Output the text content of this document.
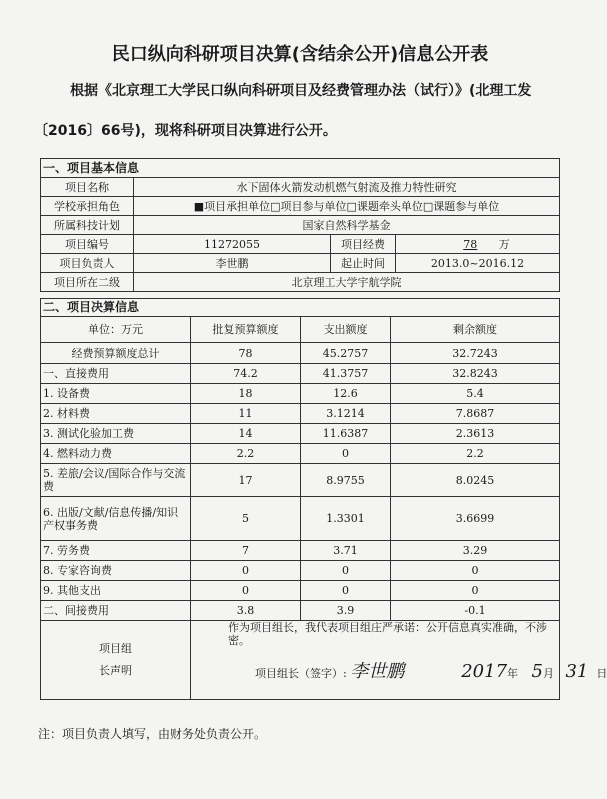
民口纵向科研项目决算(含结余公开)信息公开表
根据《北京理工大学民口纵向科研项目及经费管理办法（试行）》(北理工发
〔2016〕66号)，现将科研项目决算进行公开。
一、项目基本信息			
项目名称	水下固体火箭发动机燃气射流及推力特性研究		
学校承担角色	■项目承担单位□项目参与单位□课题牵头单位□课题参与单位		
所属科技计划	国家自然科学基金		
项目编号	11272055	项目经费	78 万
项目负责人	李世鹏	起止时间	2013.0~2016.12
项目所在二级	北京理工大学宇航学院		
二、项目决算信息			
单位：万元	批复预算额度	支出额度	剩余额度
经费预算额度总计	78	45.2757	32.7243
一、直接费用	74.2	41.3757	32.8243
1. 设备费	18	12.6	5.4
2. 材料费	11	3.1214	7.8687
3. 测试化验加工费	14	11.6387	2.3613
4. 燃料动力费	2.2	0	2.2
5. 差旅/会议/国际合作与交流费	17	8.9755	8.0245
6. 出版/文献/信息传播/知识产权事务费	5	1.3301	3.6699
7. 劳务费	7	3.71	3.29
8. 专家咨询费	0	0	0
9. 其他支出	0	0	0
二、间接费用	3.8	3.9	-0.1

项目组长声明	作为项目组长，我代表项目组庄严承诺：公开信息真实准确，不涉密。
项目组长（签字）: 李世鹏 2017年 5月 31 日		
注：项目负责人填写，由财务处负责公开。
